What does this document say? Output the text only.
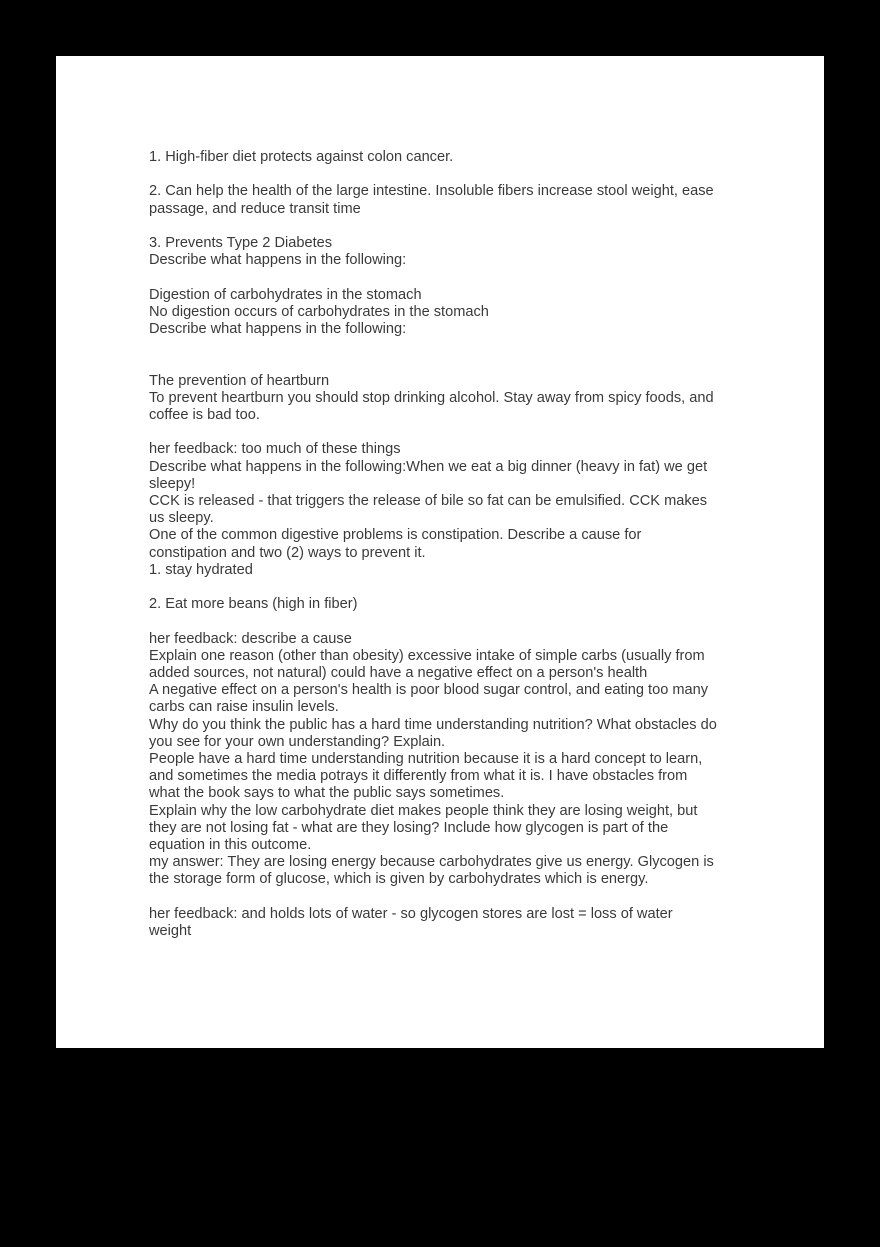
1. High-fiber diet protects against colon cancer.
2. Can help the health of the large intestine. Insoluble fibers increase stool weight, ease
passage, and reduce transit time
3. Prevents Type 2 Diabetes
Describe what happens in the following:
Digestion of carbohydrates in the stomach
No digestion occurs of carbohydrates in the stomach
Describe what happens in the following:
The prevention of heartburn
To prevent heartburn you should stop drinking alcohol. Stay away from spicy foods, and
coffee is bad too.
her feedback: too much of these things
Describe what happens in the following:When we eat a big dinner (heavy in fat) we get
sleepy!
CCK is released - that triggers the release of bile so fat can be emulsified. CCK makes
us sleepy.
One of the common digestive problems is constipation. Describe a cause for
constipation and two (2) ways to prevent it.
1. stay hydrated
2. Eat more beans (high in fiber)
her feedback: describe a cause
Explain one reason (other than obesity) excessive intake of simple carbs (usually from
added sources, not natural) could have a negative effect on a person's health
A negative effect on a person's health is poor blood sugar control, and eating too many
carbs can raise insulin levels.
Why do you think the public has a hard time understanding nutrition? What obstacles do
you see for your own understanding? Explain.
People have a hard time understanding nutrition because it is a hard concept to learn,
and sometimes the media potrays it differently from what it is. I have obstacles from
what the book says to what the public says sometimes.
Explain why the low carbohydrate diet makes people think they are losing weight, but
they are not losing fat - what are they losing? Include how glycogen is part of the
equation in this outcome.
my answer: They are losing energy because carbohydrates give us energy. Glycogen is
the storage form of glucose, which is given by carbohydrates which is energy.
her feedback: and holds lots of water - so glycogen stores are lost = loss of water
weight
